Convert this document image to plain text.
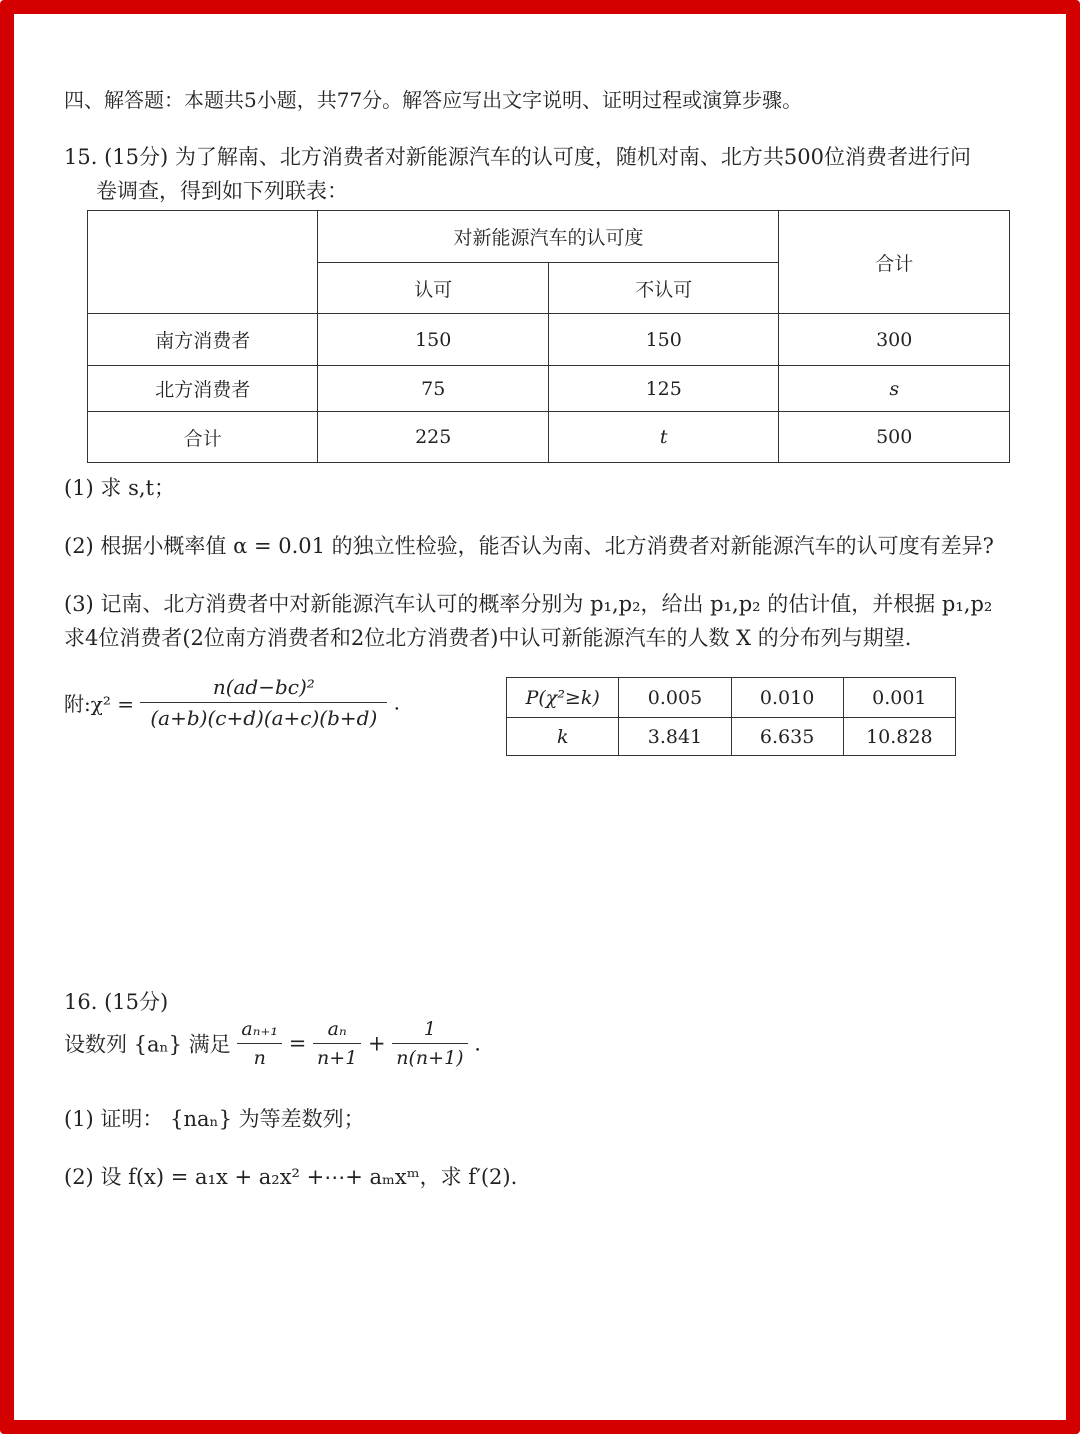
四、解答题：本题共5小题，共77分。解答应写出文字说明、证明过程或演算步骤。
15. (15分) 为了解南、北方消费者对新能源汽车的认可度，随机对南、北方共500位消费者进行问
卷调查，得到如下列联表：
	对新能源汽车的认可度		合计
	认可	不认可	
南方消费者	150	150	300
北方消费者	75	125	s
合计	225	t	500
(1) 求 s,t；
(2) 根据小概率值 α = 0.01 的独立性检验，能否认为南、北方消费者对新能源汽车的认可度有差异?
(3) 记南、北方消费者中对新能源汽车认可的概率分别为 p₁,p₂，给出 p₁,p₂ 的估计值，并根据 p₁,p₂
求4位消费者(2位南方消费者和2位北方消费者)中认可新能源汽车的人数 X 的分布列与期望.
附:χ² = $\frac{\text{n(ad−bc)²}}{(a+b)(c+d)(a+c)(b+d)}$ .	P(χ²≥k)	0.005	0.010	0.001
k	3.841	6.635	10.828
16. (15分)
设数列 {aₙ} 满足 $\frac{\text{aₙ₊₁}}{n} = \frac{\text{aₙ}}{n+1} + \frac{1}{n(n+1)}$ .
(1) 证明： {naₙ} 为等差数列；
(2) 设 f(x) = a₁x + a₂x² +⋯+ aₘxᵐ，求 f′(2).
